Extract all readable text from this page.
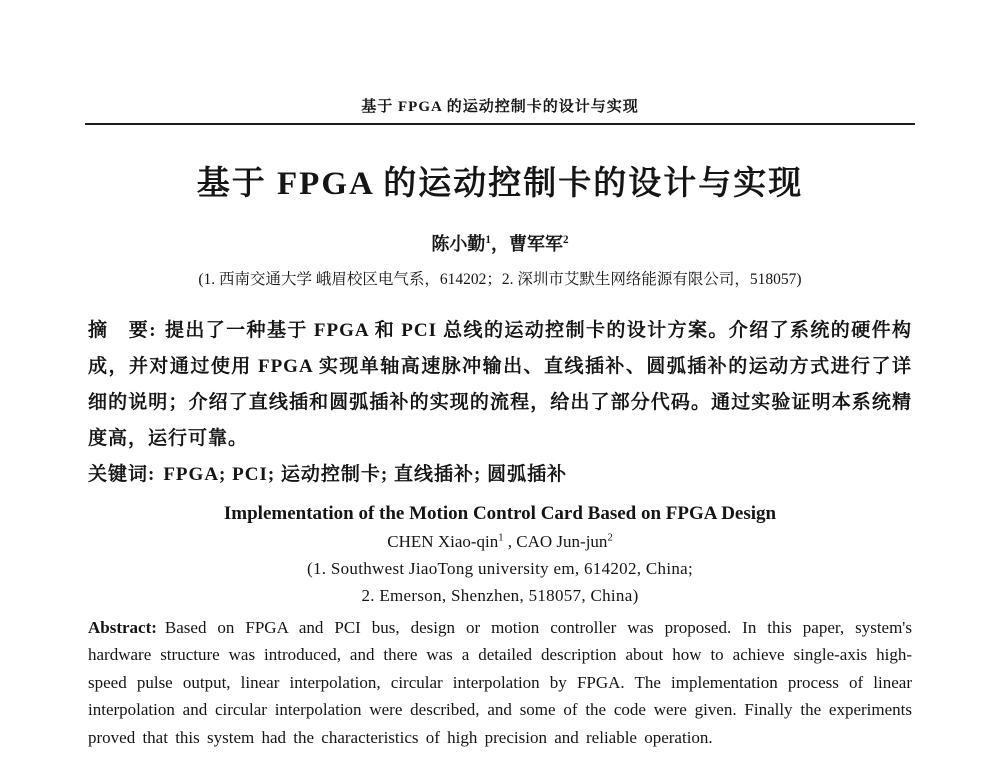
基于 FPGA 的运动控制卡的设计与实现
基于 FPGA 的运动控制卡的设计与实现
陈小勤$^1$，曹军军$^2$
(1. 西南交通大学 峨眉校区电气系，614202；2. 深圳市艾默生网络能源有限公司，518057)

摘　要: 提出了一种基于 FPGA 和 PCI 总线的运动控制卡的设计方案。介绍了系统的硬件构成，并对通过使用 FPGA 实现单轴高速脉冲输出、直线插补、圆弧插补的运动方式进行了详细的说明；介绍了直线插和圆弧插补的实现的流程，给出了部分代码。通过实验证明本系统精度高，运行可靠。

关键词: FPGA; PCI; 运动控制卡; 直线插补; 圆弧插补

Implementation of the Motion Control Card Based on FPGA Design
CHEN Xiao-qin$^1$ , CAO Jun-jun$^2$
(1. Southwest JiaoTong university em, 614202, China;
2. Emerson, Shenzhen, 518057, China)

Abstract: Based on FPGA and PCI bus, design or motion controller was proposed. In this paper, system's hardware structure was introduced, and there was a detailed description about how to achieve single-axis high-speed pulse output, linear interpolation, circular interpolation by FPGA. The implementation process of linear interpolation and circular interpolation were described, and some of the code were given. Finally the experiments proved that this system had the characteristics of high precision and reliable operation.
